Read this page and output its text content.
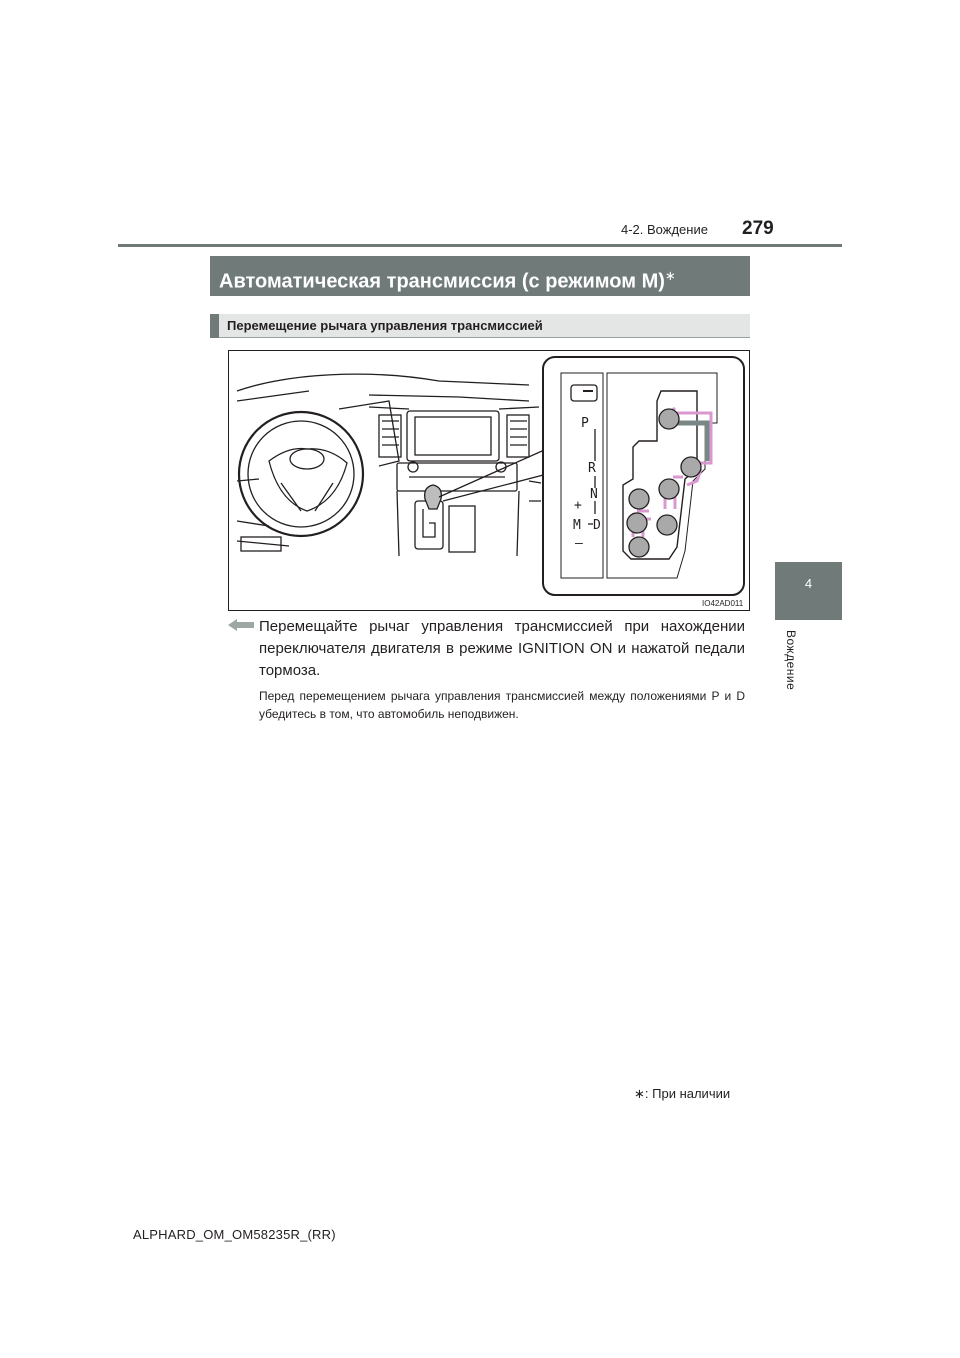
4-2. Вождение 279
4
Вождение
Автоматическая трансмиссия (с режимом M)∗
Перемещение рычага управления трансмиссией
P
R
N
+
M D
–
IO42AD011
Перемещайте рычаг управления трансмиссией при нахождении переключателя двигателя в режиме IGNITION ON и нажатой педали тормоза.
Перед перемещением рычага управления трансмиссией между положениями P и D убедитесь в том, что автомобиль неподвижен.
∗: При наличии
ALPHARD_OM_OM58235R_(RR)
